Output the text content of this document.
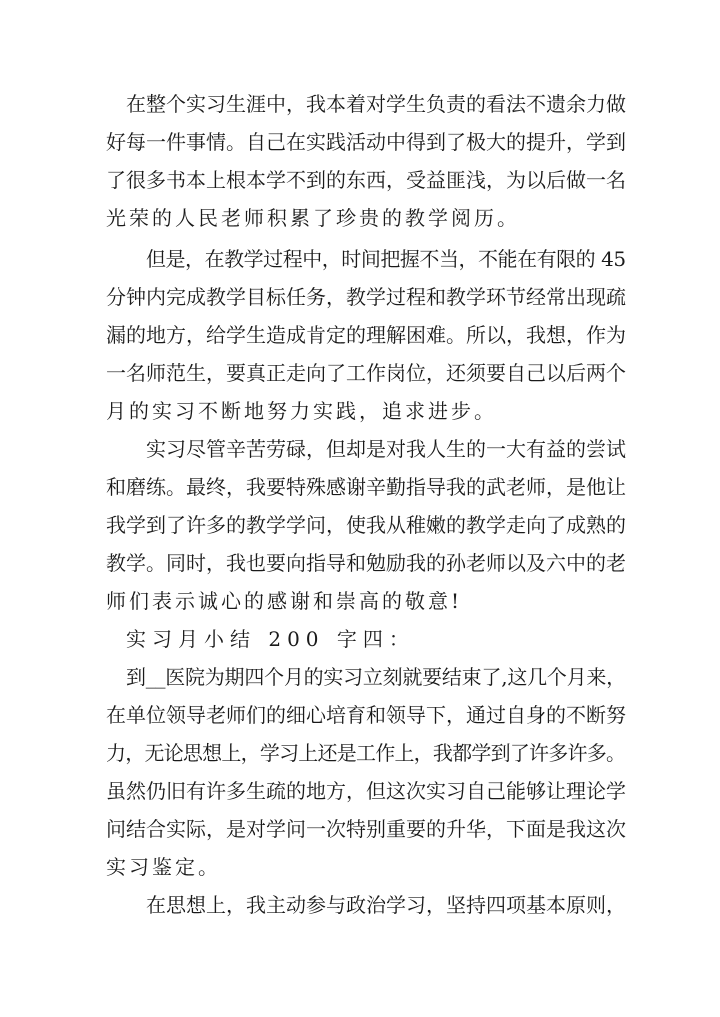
在整个实习生涯中，我本着对学生负责的看法不遗余力做
好每一件事情。自己在实践活动中得到了极大的提升，学到
了很多书本上根本学不到的东西，受益匪浅，为以后做一名
光荣的人民老师积累了珍贵的教学阅历。
但是，在教学过程中，时间把握不当，不能在有限的 45
分钟内完成教学目标任务，教学过程和教学环节经常出现疏
漏的地方，给学生造成肯定的理解困难。所以，我想，作为
一名师范生，要真正走向了工作岗位，还须要自己以后两个
月的实习不断地努力实践，追求进步。
实习尽管辛苦劳碌，但却是对我人生的一大有益的尝试
和磨练。最终，我要特殊感谢辛勤指导我的武老师，是他让
我学到了许多的教学学问，使我从稚嫩的教学走向了成熟的
教学。同时，我也要向指导和勉励我的孙老师以及六中的老
师们表示诚心的感谢和崇高的敬意!
实习月小结 200 字四：
到__医院为期四个月的实习立刻就要结束了,这几个月来，
在单位领导老师们的细心培育和领导下，通过自身的不断努
力，无论思想上，学习上还是工作上，我都学到了许多许多。
虽然仍旧有许多生疏的地方，但这次实习自己能够让理论学
问结合实际，是对学问一次特别重要的升华，下面是我这次
实习鉴定。
在思想上，我主动参与政治学习，坚持四项基本原则，
